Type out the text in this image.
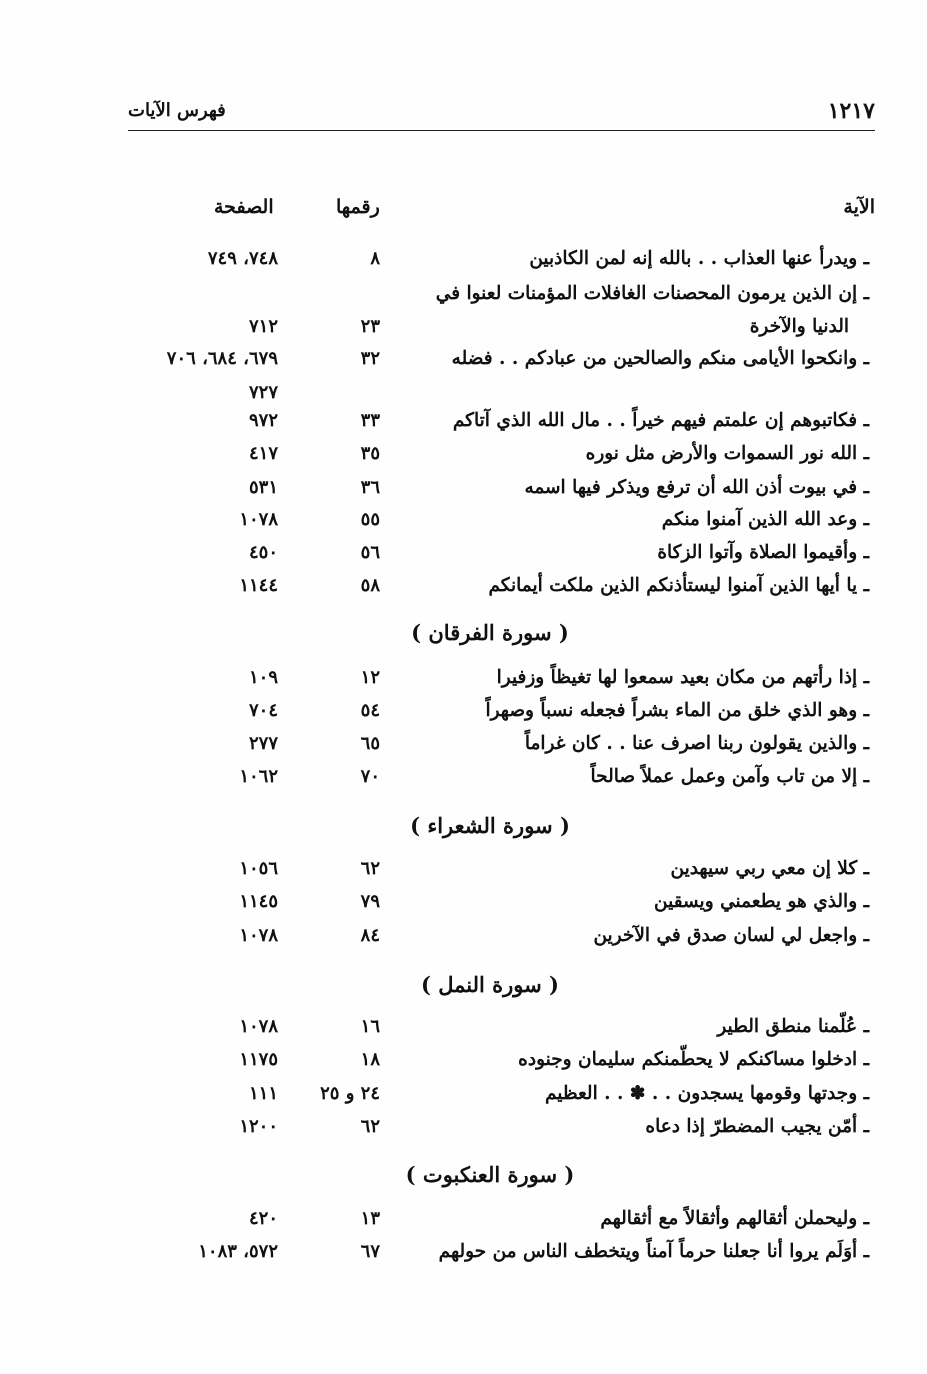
١٢١٧
فهرس الآيات
الآية
رقمها
الصفحة
ـ ويدرأ عنها العذاب . . بالله إنه لمن الكاذبين
٨
٧٤٨، ٧٤٩
ـ إن الذين يرمون المحصنات الغافلات المؤمنات لعنوا في
الدنيا والآخرة
٢٣
٧١٢
ـ وانكحوا الأيامى منكم والصالحين من عبادكم . . فضله
٣٢
٦٧٩، ٦٨٤، ٧٠٦
٧٢٧
ـ فكاتبوهم إن علمتم فيهم خيراً . . مال الله الذي آتاكم
٣٣
٩٧٢
ـ الله نور السموات والأرض مثل نوره
٣٥
٤١٧
ـ في بيوت أذن الله أن ترفع ويذكر فيها اسمه
٣٦
٥٣١
ـ وعد الله الذين آمنوا منكم
٥٥
١٠٧٨
ـ وأقيموا الصلاة وآتوا الزكاة
٥٦
٤٥٠
ـ يا أيها الذين آمنوا ليستأذنكم الذين ملكت أيمانكم
٥٨
١١٤٤
( سورة الفرقان )
ـ إذا رأتهم من مكان بعيد سمعوا لها تغيظاً وزفيرا
١٢
١٠٩
ـ وهو الذي خلق من الماء بشراً فجعله نسباً وصهراً
٥٤
٧٠٤
ـ والذين يقولون ربنا اصرف عنا . . كان غراماً
٦٥
٢٧٧
ـ إلا من تاب وآمن وعمل عملاً صالحاً
٧٠
١٠٦٢
( سورة الشعراء )
ـ كلا إن معي ربي سيهدين
٦٢
١٠٥٦
ـ والذي هو يطعمني ويسقين
٧٩
١١٤٥
ـ واجعل لي لسان صدق في الآخرين
٨٤
١٠٧٨
( سورة النمل )
ـ عُلّمنا منطق الطير
١٦
١٠٧٨
ـ ادخلوا مساكنكم لا يحطّمنكم سليمان وجنوده
١٨
١١٧٥
ـ وجدتها وقومها يسجدون . . ✽ . . العظيم
٢٤ و ٢٥
١١١
ـ أمّن يجيب المضطرّ إذا دعاه
٦٢
١٢٠٠
( سورة العنكبوت )
ـ وليحملن أثقالهم وأثقالاً مع أثقالهم
١٣
٤٢٠
ـ أوَلَم يروا أنا جعلنا حرماً آمناً ويتخطف الناس من حولهم
٦٧
٥٧٢، ١٠٨٣
